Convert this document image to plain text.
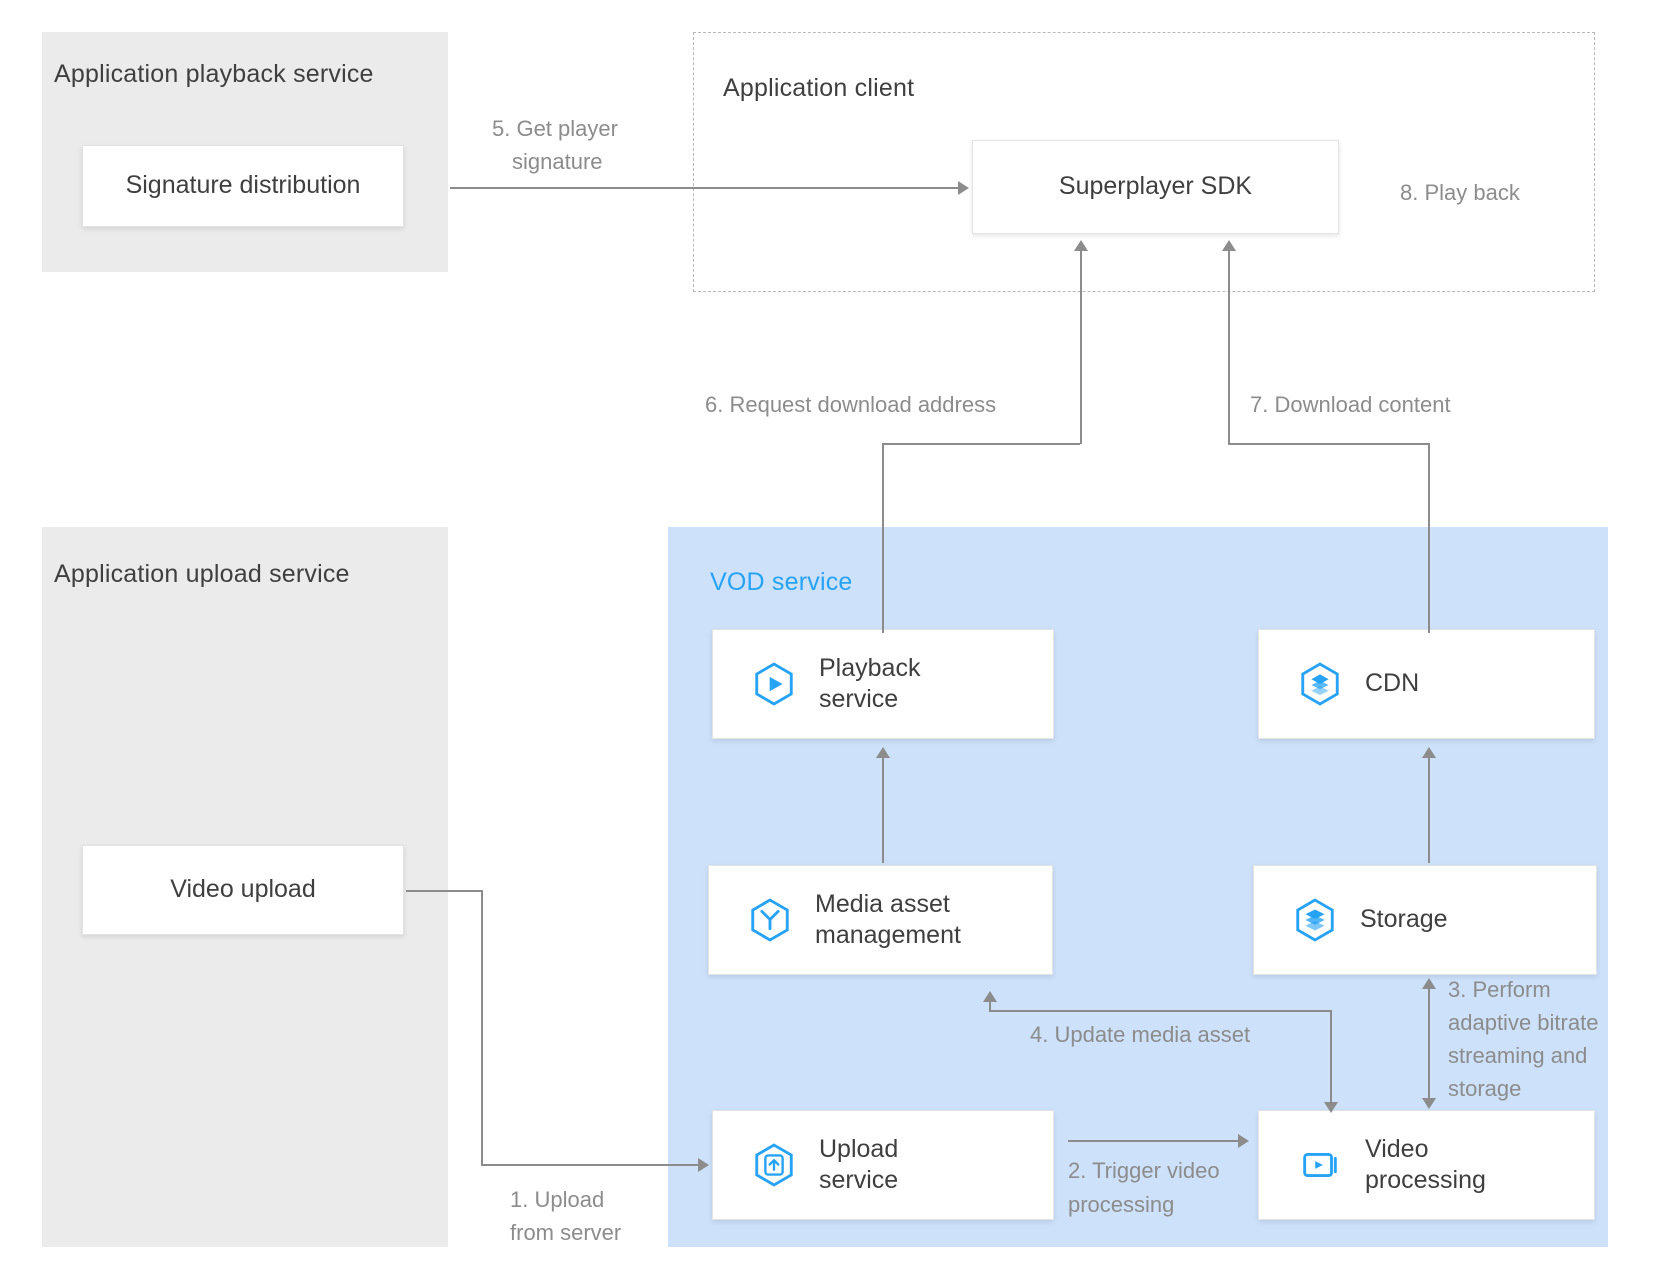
Application playback service
Signature distribution
Application client
Superplayer SDK	8. Play back
5. Get player
signature
Application upload service
Video upload
VOD service
Playback
service
CDN
Media asset
management
Storage
Upload
service
Video
processing
6. Request download address	7. Download content
1. Upload
from server
2. Trigger video
processing
3. Perform
adaptive bitrate
streaming and
storage
4. Update media asset
